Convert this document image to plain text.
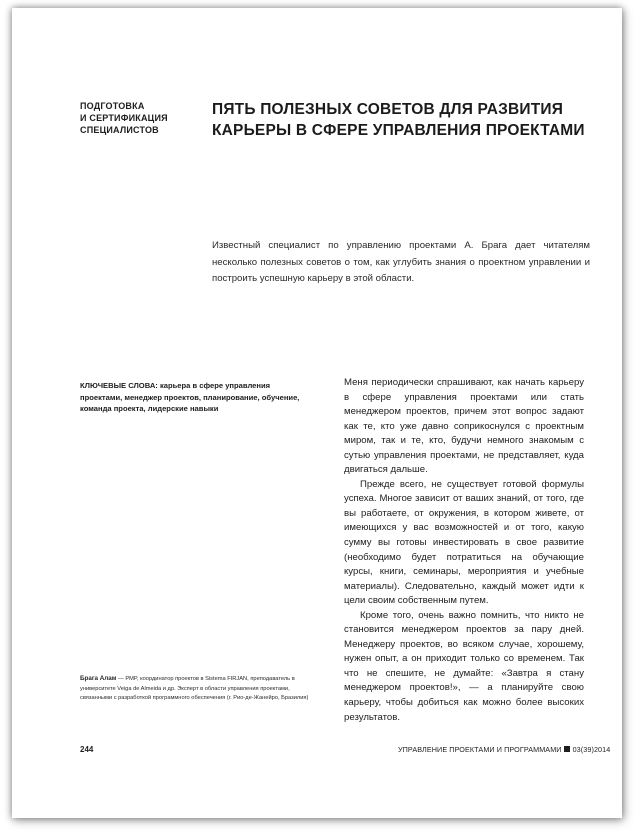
ПОДГОТОВКА
И СЕРТИФИКАЦИЯ
СПЕЦИАЛИСТОВ
ПЯТЬ ПОЛЕЗНЫХ СОВЕТОВ ДЛЯ РАЗВИТИЯ
КАРЬЕРЫ В СФЕРЕ УПРАВЛЕНИЯ ПРОЕКТАМИ
Известный специалист по управлению проектами А. Брага дает читателям несколько полезных советов о том, как углубить знания о проектном управлении и построить успешную карьеру в этой области.
КЛЮЧЕВЫЕ СЛОВА: карьера в сфере управления проектами, менеджер проектов, планирование, обучение, команда проекта, лидерские навыки

Меня периодически спрашивают, как начать карьеру в сфере управления проектами или стать менеджером проектов, причем этот вопрос задают как те, кто уже давно соприкоснулся с проектным миром, так и те, кто, будучи немного знакомым с сутью управления проектами, не представляет, куда двигаться дальше.

Прежде всего, не существует готовой формулы успеха. Многое зависит от ваших знаний, от того, где вы работаете, от окружения, в котором живете, от имеющихся у вас возможностей и от того, какую сумму вы готовы инвестировать в свое развитие (необходимо будет потратиться на обучающие курсы, книги, семинары, мероприятия и учебные материалы). Следовательно, каждый может идти к цели своим собственным путем.

Кроме того, очень важно помнить, что никто не становится менеджером проектов за пару дней. Менеджеру проектов, во всяком случае, хорошему, нужен опыт, а он приходит только со временем. Так что не спешите, не думайте: «Завтра я стану менеджером проектов!», — а планируйте свою карьеру, чтобы добиться как можно более высоких результатов.

Брага Алам — PMP, координатор проектов в Sistema FIRJAN, преподаватель в университете Veiga de Almeida и др. Эксперт в области управления проектами, связанными с разработкой программного обеспечения (г. Рио-де-Жанейро, Бразилия)
244	УПРАВЛЕНИЕ ПРОЕКТАМИ И ПРОГРАММАМИ 03(39)2014
